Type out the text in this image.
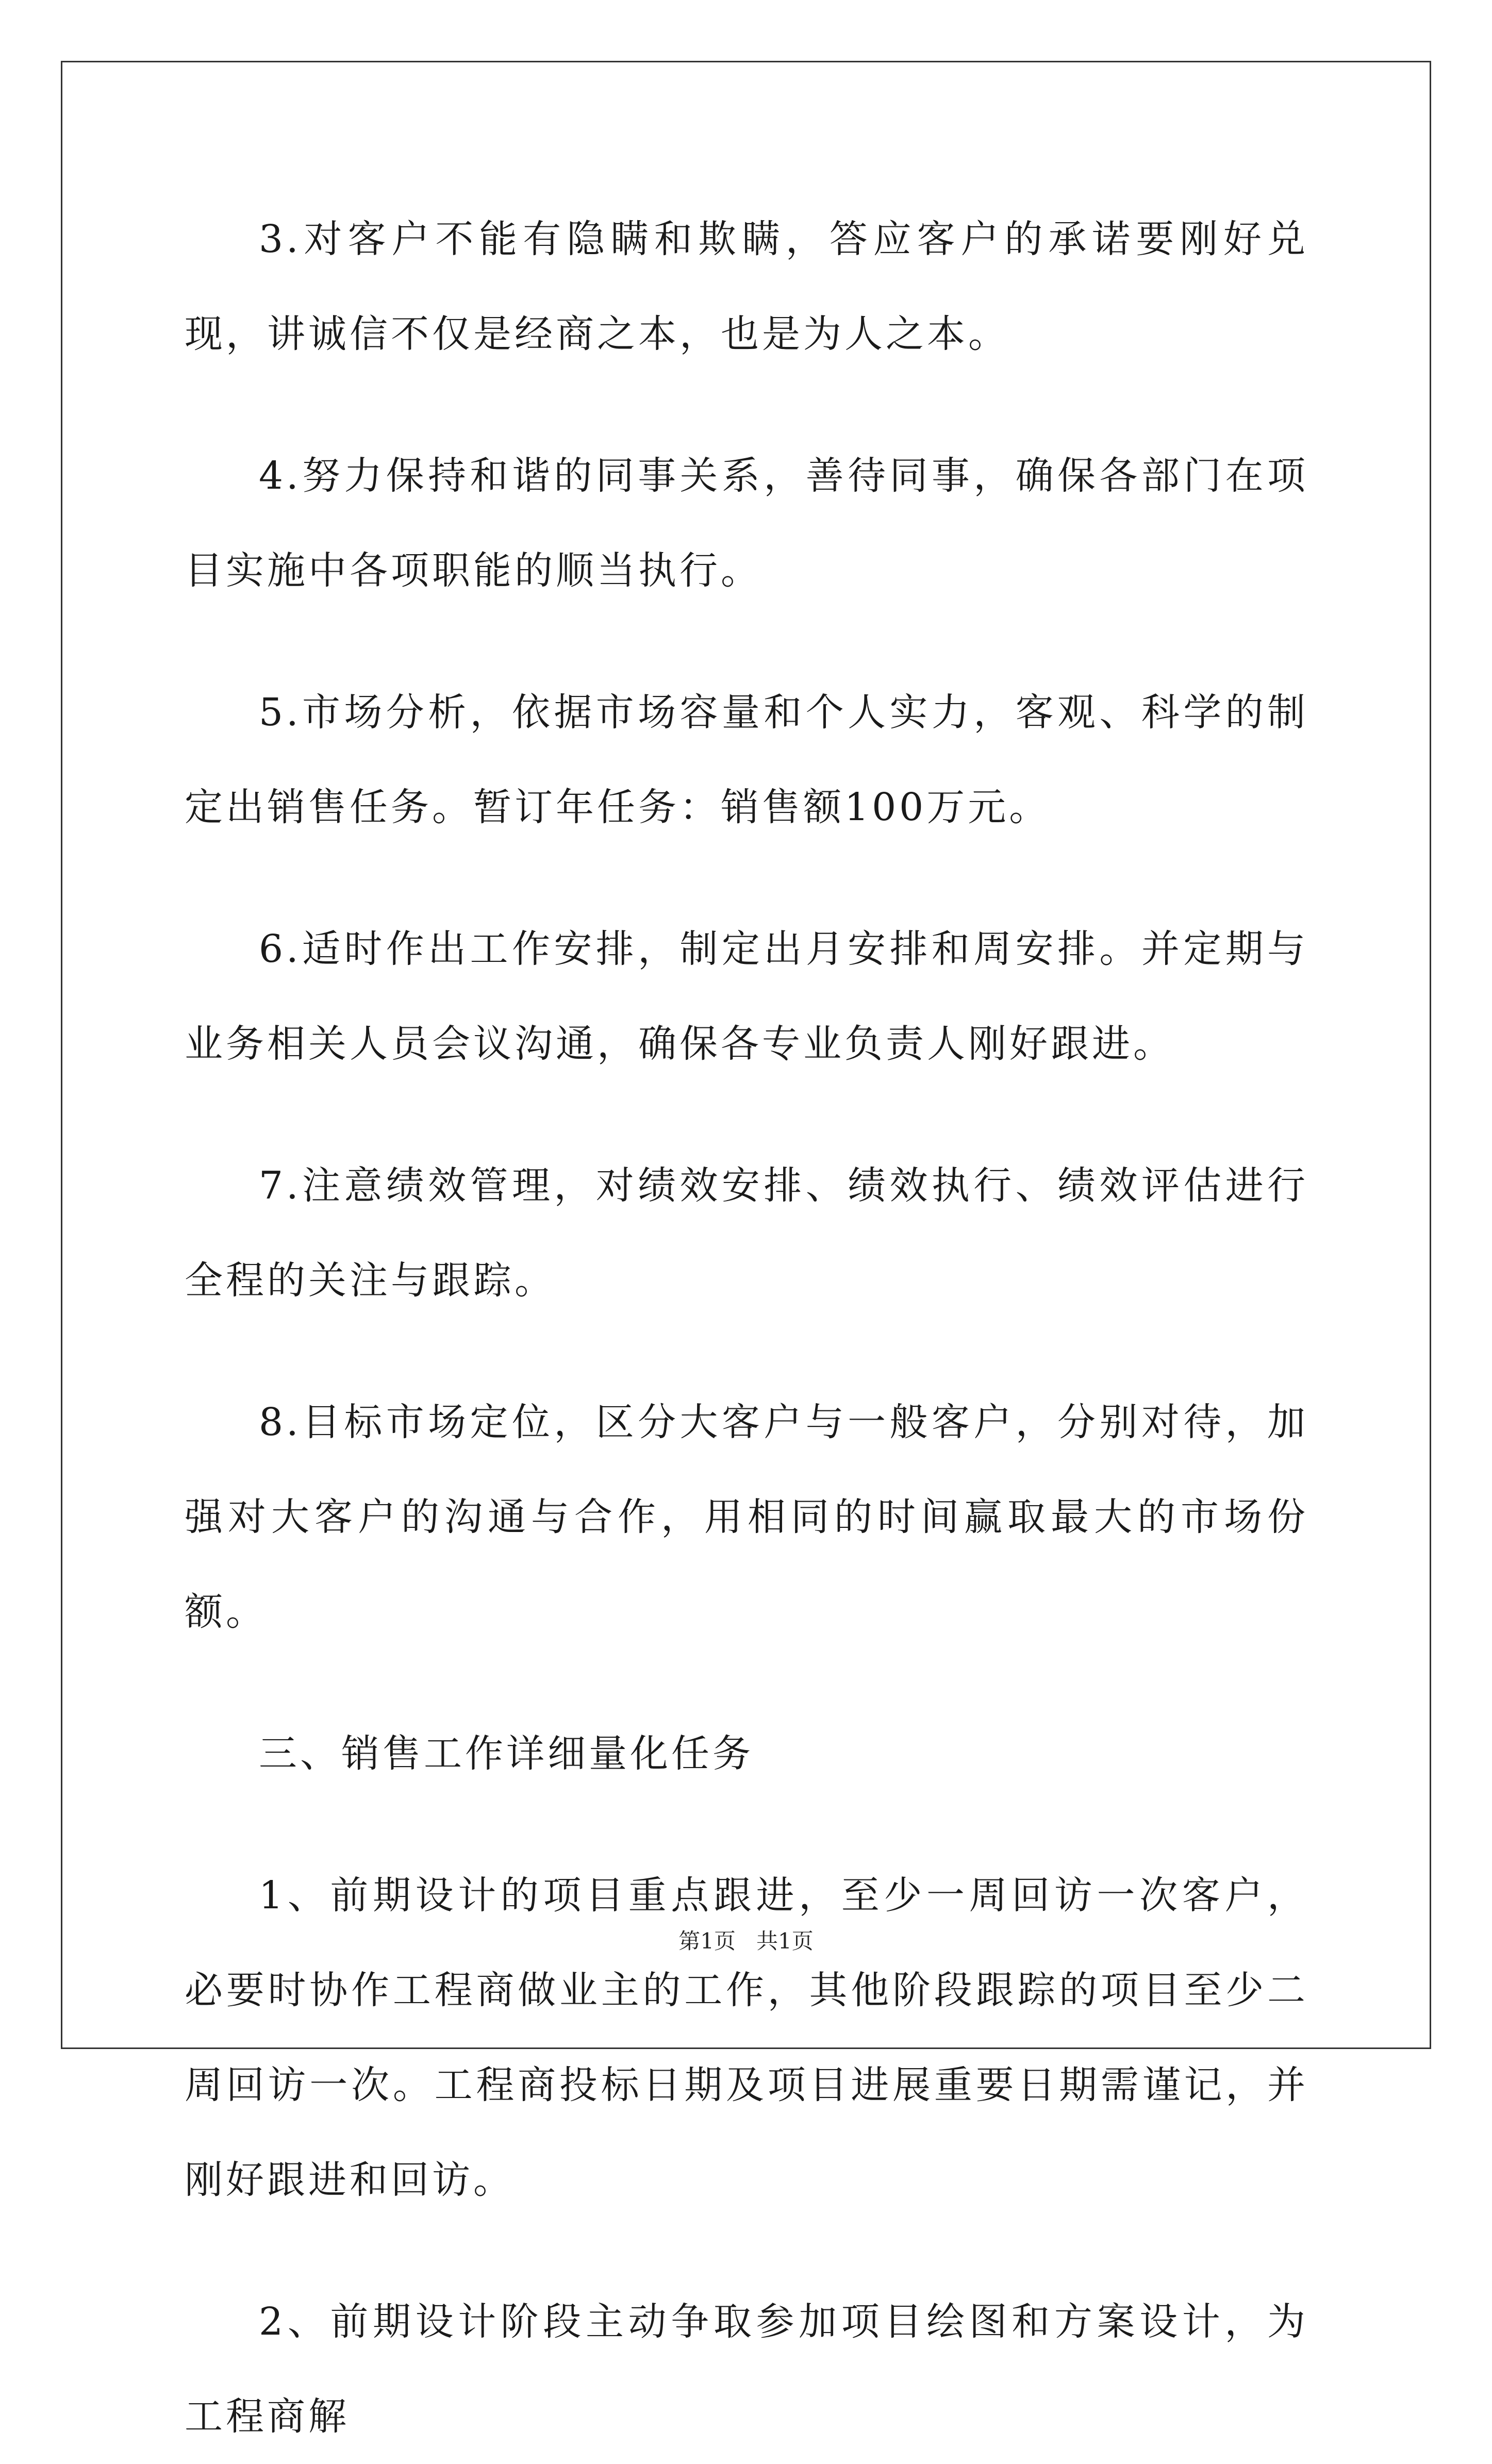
3.对客户不能有隐瞒和欺瞒，答应客户的承诺要刚好兑现，讲诚信不仅是经商之本，也是为人之本。

4.努力保持和谐的同事关系，善待同事，确保各部门在项目实施中各项职能的顺当执行。

5.市场分析，依据市场容量和个人实力，客观、科学的制定出销售任务。暂订年任务：销售额100万元。

6.适时作出工作安排，制定出月安排和周安排。并定期与业务相关人员会议沟通，确保各专业负责人刚好跟进。

7.注意绩效管理，对绩效安排、绩效执行、绩效评估进行全程的关注与跟踪。

8.目标市场定位，区分大客户与一般客户，分别对待，加强对大客户的沟通与合作，用相同的时间赢取最大的市场份额。

三、销售工作详细量化任务

1、前期设计的项目重点跟进，至少一周回访一次客户，必要时协作工程商做业主的工作，其他阶段跟踪的项目至少二周回访一次。工程商投标日期及项目进展重要日期需谨记，并刚好跟进和回访。

2、前期设计阶段主动争取参加项目绘图和方案设计，为工程商解

第1页 共1页
